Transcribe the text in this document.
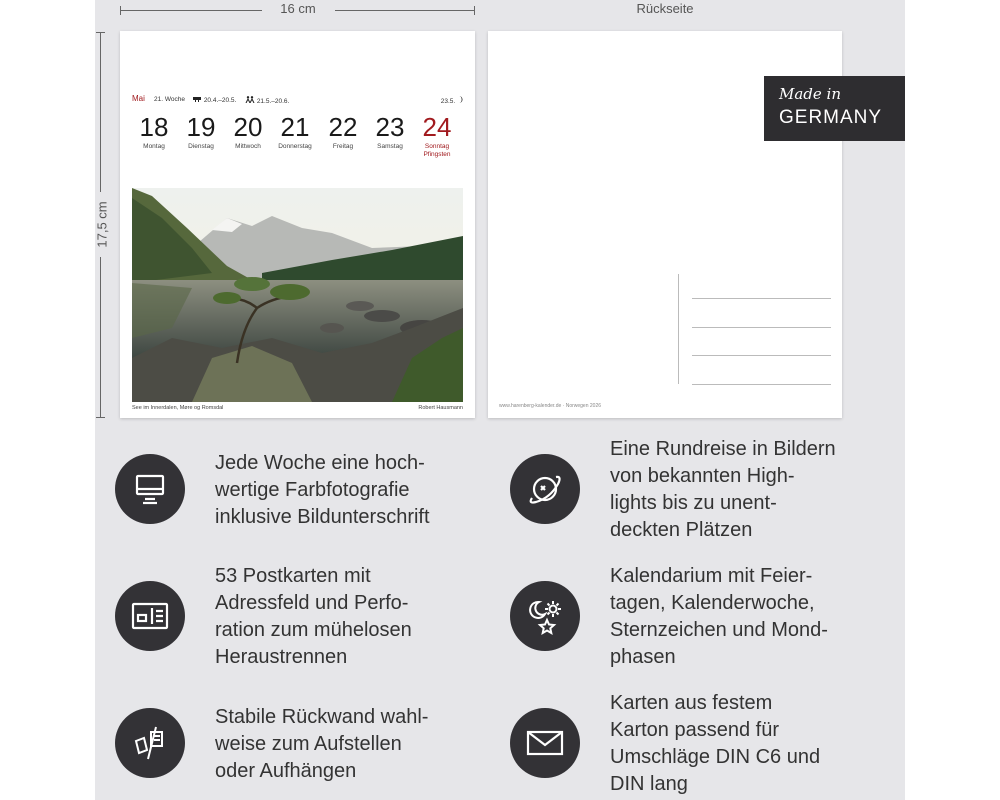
16 cm	Rückseite
17,5 cm
Mai 21. Woche	20.4.–20.5.	21.5.–20.6.	23.5.
18
Montag
19
Dienstag
20
Mittwoch
21
Donnerstag
22
Freitag
23
Samstag
24
Sonntag
Pfingsten
See im Innerdalen, Møre og Romsdal	Robert Hausmann	www.harenberg-kalender.de · Norwegen 2026
Made in
GERMANY
Jede Woche eine hoch-
wertige Farbfotografie
inklusive Bildunterschrift
Eine Rundreise in Bildern
von bekannten High-
lights bis zu unent-
deckten Plätzen
53 Postkarten mit
Adressfeld und Perfo-
ration zum mühelosen
Heraustrennen
Kalendarium mit Feier-
tagen, Kalenderwoche,
Sternzeichen und Mond-
phasen
Stabile Rückwand wahl-
weise zum Aufstellen
oder Aufhängen
Karten aus festem
Karton passend für
Umschläge DIN C6 und
DIN lang
